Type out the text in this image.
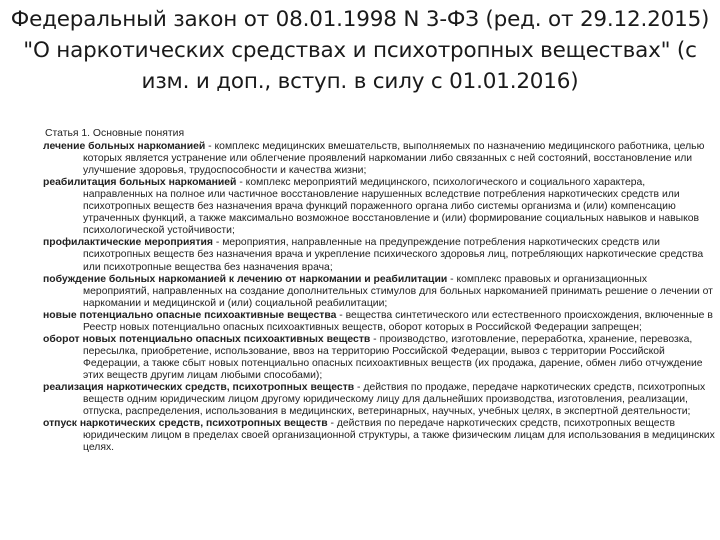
Федеральный закон от 08.01.1998 N 3-ФЗ (ред. от 29.12.2015) "О наркотических средствах и психотропных веществах" (с изм. и доп., вступ. в силу с 01.01.2016)
Статья 1. Основные понятия

лечение больных наркоманией - комплекс медицинских вмешательств, выполняемых по назначению медицинского работника, целью которых является устранение или облегчение проявлений наркомании либо связанных с ней состояний, восстановление или улучшение здоровья, трудоспособности и качества жизни;

реабилитация больных наркоманией - комплекс мероприятий медицинского, психологического и социального характера, направленных на полное или частичное восстановление нарушенных вследствие потребления наркотических средств или психотропных веществ без назначения врача функций пораженного органа либо системы организма и (или) компенсацию утраченных функций, а также максимально возможное восстановление и (или) формирование социальных навыков и навыков психологической устойчивости;

профилактические мероприятия - мероприятия, направленные на предупреждение потребления наркотических средств или психотропных веществ без назначения врача и укрепление психического здоровья лиц, потребляющих наркотические средства или психотропные вещества без назначения врача;

побуждение больных наркоманией к лечению от наркомании и реабилитации - комплекс правовых и организационных мероприятий, направленных на создание дополнительных стимулов для больных наркоманией принимать решение о лечении от наркомании и медицинской и (или) социальной реабилитации;

новые потенциально опасные психоактивные вещества - вещества синтетического или естественного происхождения, включенные в Реестр новых потенциально опасных психоактивных веществ, оборот которых в Российской Федерации запрещен;

оборот новых потенциально опасных психоактивных веществ - производство, изготовление, переработка, хранение, перевозка, пересылка, приобретение, использование, ввоз на территорию Российской Федерации, вывоз с территории Российской Федерации, а также сбыт новых потенциально опасных психоактивных веществ (их продажа, дарение, обмен либо отчуждение этих веществ другим лицам любыми способами);

реализация наркотических средств, психотропных веществ - действия по продаже, передаче наркотических средств, психотропных веществ одним юридическим лицом другому юридическому лицу для дальнейших производства, изготовления, реализации, отпуска, распределения, использования в медицинских, ветеринарных, научных, учебных целях, в экспертной деятельности;

отпуск наркотических средств, психотропных веществ - действия по передаче наркотических средств, психотропных веществ юридическим лицом в пределах своей организационной структуры, а также физическим лицам для использования в медицинских целях.
